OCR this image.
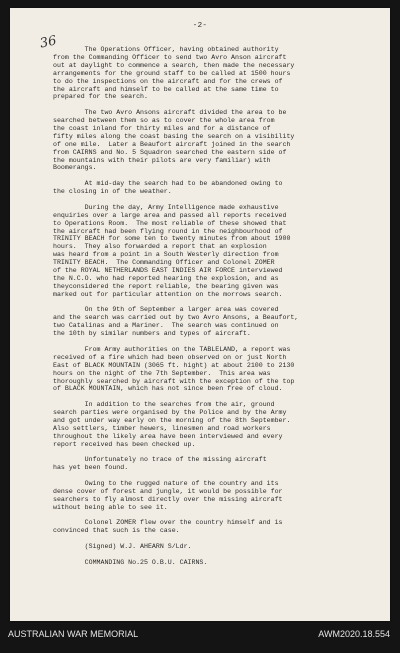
36
-2-
The Operations Officer, having obtained authority
from the Commanding Officer to send two Avro Anson aircraft
out at daylight to commence a search, then made the necessary
arrangements for the ground staff to be called at 1500 hours
to do the inspections on the aircraft and for the crews of
the aircraft and himself to be called at the same time to
prepared for the search.
The two Avro Ansons aircraft divided the area to be
searched between them so as to cover the whole area from
the coast inland for thirty miles and for a distance of
fifty miles along the coast basing the search on a visibility
of one mile.  Later a Beaufort aircraft joined in the search
from CAIRNS and No. 5 Squadron searched the eastern side of
the mountains with their pilots are very familiar) with
Boomerangs.
At mid-day the search had to be abandoned owing to
the closing in of the weather.
During the day, Army Intelligence made exhaustive
enquiries over a large area and passed all reports received
to Operations Room.  The most reliable of these showed that
the aircraft had been flying round in the neighbourhood of
TRINITY BEACH for some ten to twenty minutes from about 1900
hours.  They also forwarded a report that an explosion
was heard from a point in a South Westerly direction from
TRINITY BEACH.  The Commanding Officer and Colonel ZOMER
of the ROYAL NETHERLANDS EAST INDIES AIR FORCE interviewed
the N.C.O. who had reported hearing the explosion, and as
theyconsidered the report reliable, the bearing given was
marked out for particular attention on the morrows search.
On the 9th of September a larger area was covered
and the search was carried out by two Avro Ansons, a Beaufort,
two Catalinas and a Mariner.  The search was continued on
the 10th by similar numbers and types of aircraft.
From Army authorities on the TABLELAND, a report was
received of a fire which had been observed on or just North
East of BLACK MOUNTAIN (3065 ft. hight) at about 2100 to 2130
hours on the night of the 7th September.  This area was
thoroughly searched by aircraft with the exception of the top
of BLACK MOUNTAIN, which has not since been free of cloud.
In addition to the searches from the air, ground
search parties were organised by the Police and by the Army
and got under way early on the morning of the 8th September.
Also settlers, timber hewers, linesmen and road workers
throughout the likely area have been interviewed and every
report received has been checked up.
Unfortunately no trace of the missing aircraft
has yet been found.
Owing to the rugged nature of the country and its
dense cover of forest and jungle, it would be possible for
searchers to fly almost directly over the missing aircraft
without being able to see it.
Colonel ZOMER flew over the country himself and is
convinced that such is the case.
(Signed) W.J. AHEARN S/Ldr.
COMMANDING No.25 O.B.U. CAIRNS.
AUSTRALIAN WAR MEMORIAL	AWM2020.18.554
